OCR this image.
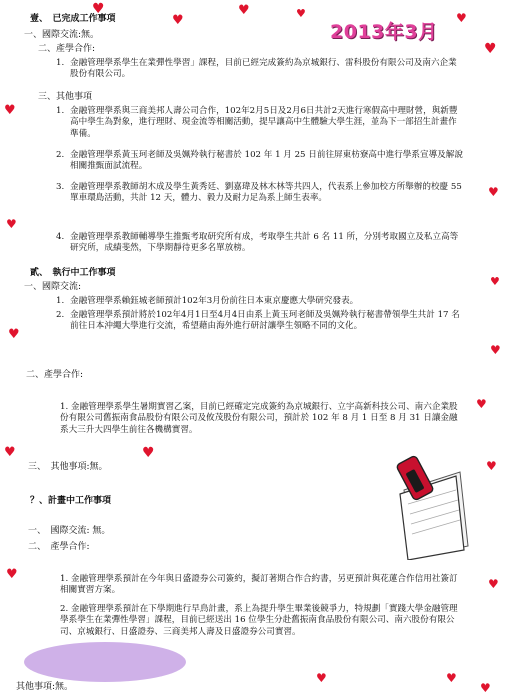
♥
♥
♥	♥	♥
♥
♥
♥
♥
♥
♥
♥
♥
♥	♥
♥
♥
♥
♥	♥
♥
2013年3月
壹、　已完成工作事項
一、國際交流:無。
二、產學合作:
1. 金融管理學系學生在業彈性學習」課程，目前已經完成簽約為京城銀行、雷科股份有限公司及南六企業股份有限公司。
三、其他事項
1. 金融管理學系與三商美邦人壽公司合作，102年2月5日及2月6日共計2天進行寒假高中理財營，與新豐高中學生為對象，進行理財、現金流等相關活動，提早讓高中生體驗大學生涯，並為下一部招生計畫作準備。
2. 金融管理學系黃玉珂老師及吳姵羚執行秘書於 102 年 1 月 25 日前往屏東枋寮高中進行學系宣導及解說相關推甄面試流程。
3. 金融管理學系教師胡木成及學生黃秀廷、劉嘉瑋及林木林等共四人，代表系上參加校方所舉辦的校慶 55 單車環島活動，共計 12 天，體力、毅力及耐力足為系上師生表率。
4. 金融管理學系教師輔導學生推甄考取研究所有成，考取學生共計 6 名 11 所，分別考取國立及私立高等研究所，成績斐然，下學期靜待更多名單放榜。
貳、　執行中工作事項
一、國際交流:
1. 金融管理學系賴鈺城老師預計102年3月份前往日本東京慶應大學研究發表。
2. 金融管理學系預計將於102年4月1日至4月4日由系上黃玉珂老師及吳姵羚執行秘書帶領學生共計 17 名前往日本沖繩大學進行交流，希望藉由海外進行研討讓學生領略不同的文化。
二、產學合作:
1. 金融管理學系學生暑期實習乙案，目前已經確定完成簽約為京城銀行、立宇高新科技公司、南六企業股份有限公司舊振南食品股份有限公司及攸茂股份有限公司，預計於 102 年 8 月 1 日至 8 月 31 日讓金融系大三升大四學生前往各機構實習。
三、　其他事項:無。
？、計畫中工作事項
一、　國際交流: 無。
二、　產學合作:
1. 金融管理學系預計在今年與日盛證券公司簽約，擬訂著期合作合約書，另更預計與花蓮合作信用社簽訂相關實習方案。
2. 金融管理學系預計在下學期進行早鳥計畫，系上為提升學生畢業後競爭力，特規劃「實踐大學金融管理學系學生在業彈性學習」課程，目前已經送出 16 位學生分赴舊振南食品股份有限公司、南六股份有限公司、京城銀行、日盛證券、三商美邦人壽及日盛證券公司實習。
其他事項:無。
